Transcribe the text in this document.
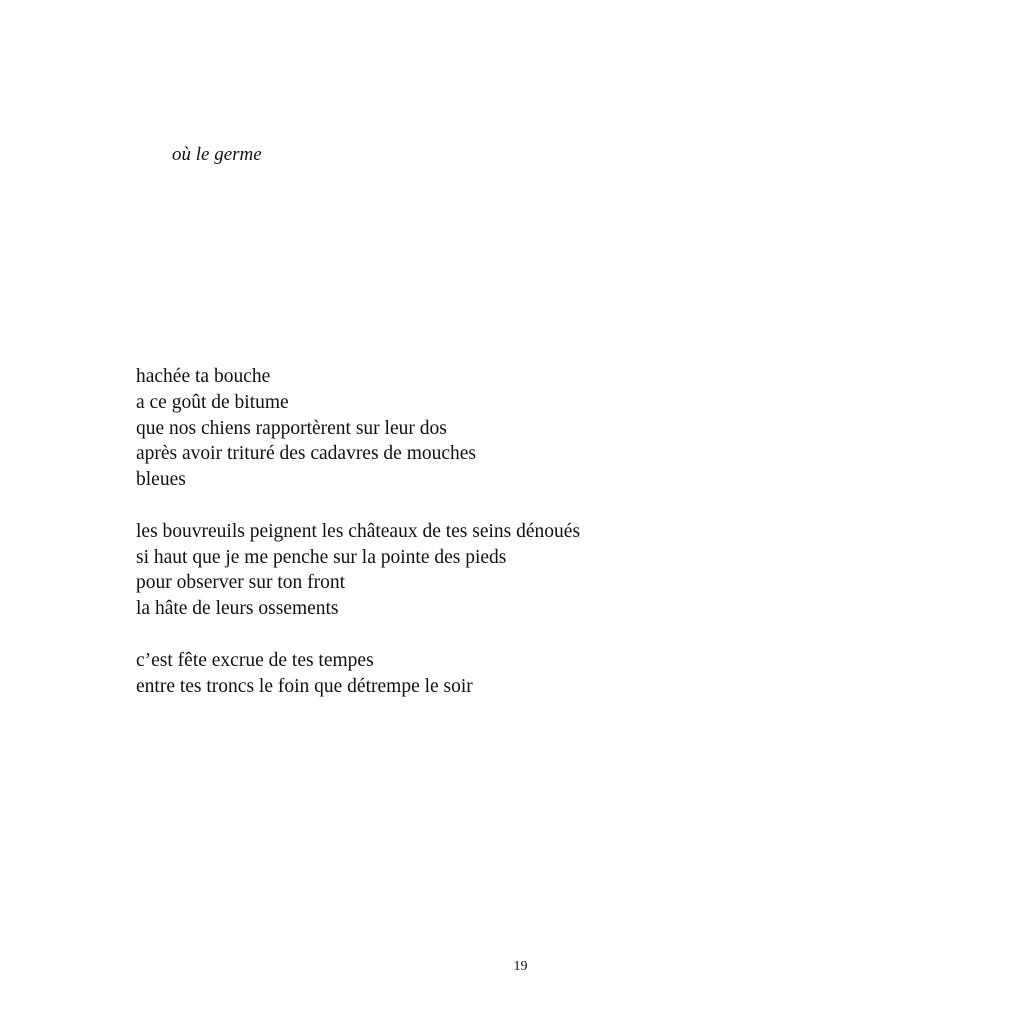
où le germe
hachée ta bouche
a ce goût de bitume
que nos chiens rapportèrent sur leur dos
après avoir trituré des cadavres de mouches
bleues
les bouvreuils peignent les châteaux de tes seins dénoués
si haut que je me penche sur la pointe des pieds
pour observer sur ton front
la hâte de leurs ossements
c’est fête excrue de tes tempes
entre tes troncs le foin que détrempe le soir
19
